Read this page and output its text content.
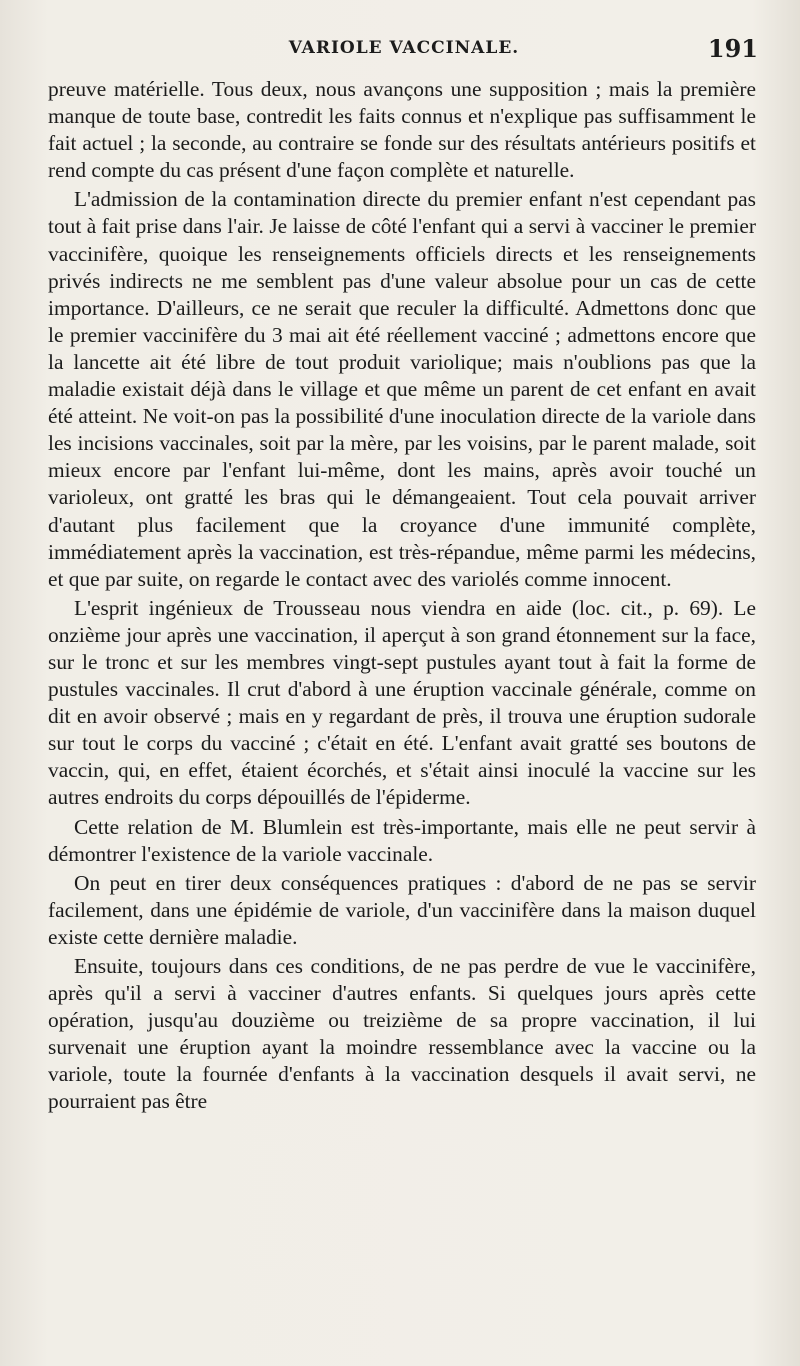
VARIOLE VACCINALE.	191

preuve matérielle. Tous deux, nous avançons une supposition ; mais la première manque de toute base, contredit les faits connus et n'explique pas suffisamment le fait actuel ; la seconde, au contraire se fonde sur des résultats antérieurs positifs et rend compte du cas présent d'une façon complète et naturelle.

L'admission de la contamination directe du premier enfant n'est cependant pas tout à fait prise dans l'air. Je laisse de côté l'enfant qui a servi à vacciner le premier vaccinifère, quoique les renseignements officiels directs et les renseignements privés indirects ne me semblent pas d'une valeur absolue pour un cas de cette importance. D'ailleurs, ce ne serait que reculer la difficulté. Admettons donc que le premier vaccinifère du 3 mai ait été réellement vacciné ; admettons encore que la lancette ait été libre de tout produit variolique; mais n'oublions pas que la maladie existait déjà dans le village et que même un parent de cet enfant en avait été atteint. Ne voit-on pas la possibilité d'une inoculation directe de la variole dans les incisions vaccinales, soit par la mère, par les voisins, par le parent malade, soit mieux encore par l'enfant lui-même, dont les mains, après avoir touché un varioleux, ont gratté les bras qui le démangeaient. Tout cela pouvait arriver d'autant plus facilement que la croyance d'une immunité complète, immédiatement après la vaccination, est très-répandue, même parmi les médecins, et que par suite, on regarde le contact avec des variolés comme innocent.

L'esprit ingénieux de Trousseau nous viendra en aide (loc. cit., p. 69). Le onzième jour après une vaccination, il aperçut à son grand étonnement sur la face, sur le tronc et sur les membres vingt-sept pustules ayant tout à fait la forme de pustules vaccinales. Il crut d'abord à une éruption vaccinale générale, comme on dit en avoir observé ; mais en y regardant de près, il trouva une éruption sudorale sur tout le corps du vacciné ; c'était en été. L'enfant avait gratté ses boutons de vaccin, qui, en effet, étaient écorchés, et s'était ainsi inoculé la vaccine sur les autres endroits du corps dépouillés de l'épiderme.

Cette relation de M. Blumlein est très-importante, mais elle ne peut servir à démontrer l'existence de la variole vaccinale.

On peut en tirer deux conséquences pratiques : d'abord de ne pas se servir facilement, dans une épidémie de variole, d'un vaccinifère dans la maison duquel existe cette dernière maladie.

Ensuite, toujours dans ces conditions, de ne pas perdre de vue le vaccinifère, après qu'il a servi à vacciner d'autres enfants. Si quelques jours après cette opération, jusqu'au douzième ou treizième de sa propre vaccination, il lui survenait une éruption ayant la moindre ressemblance avec la vaccine ou la variole, toute la fournée d'enfants à la vaccination desquels il avait servi, ne pourraient pas être
